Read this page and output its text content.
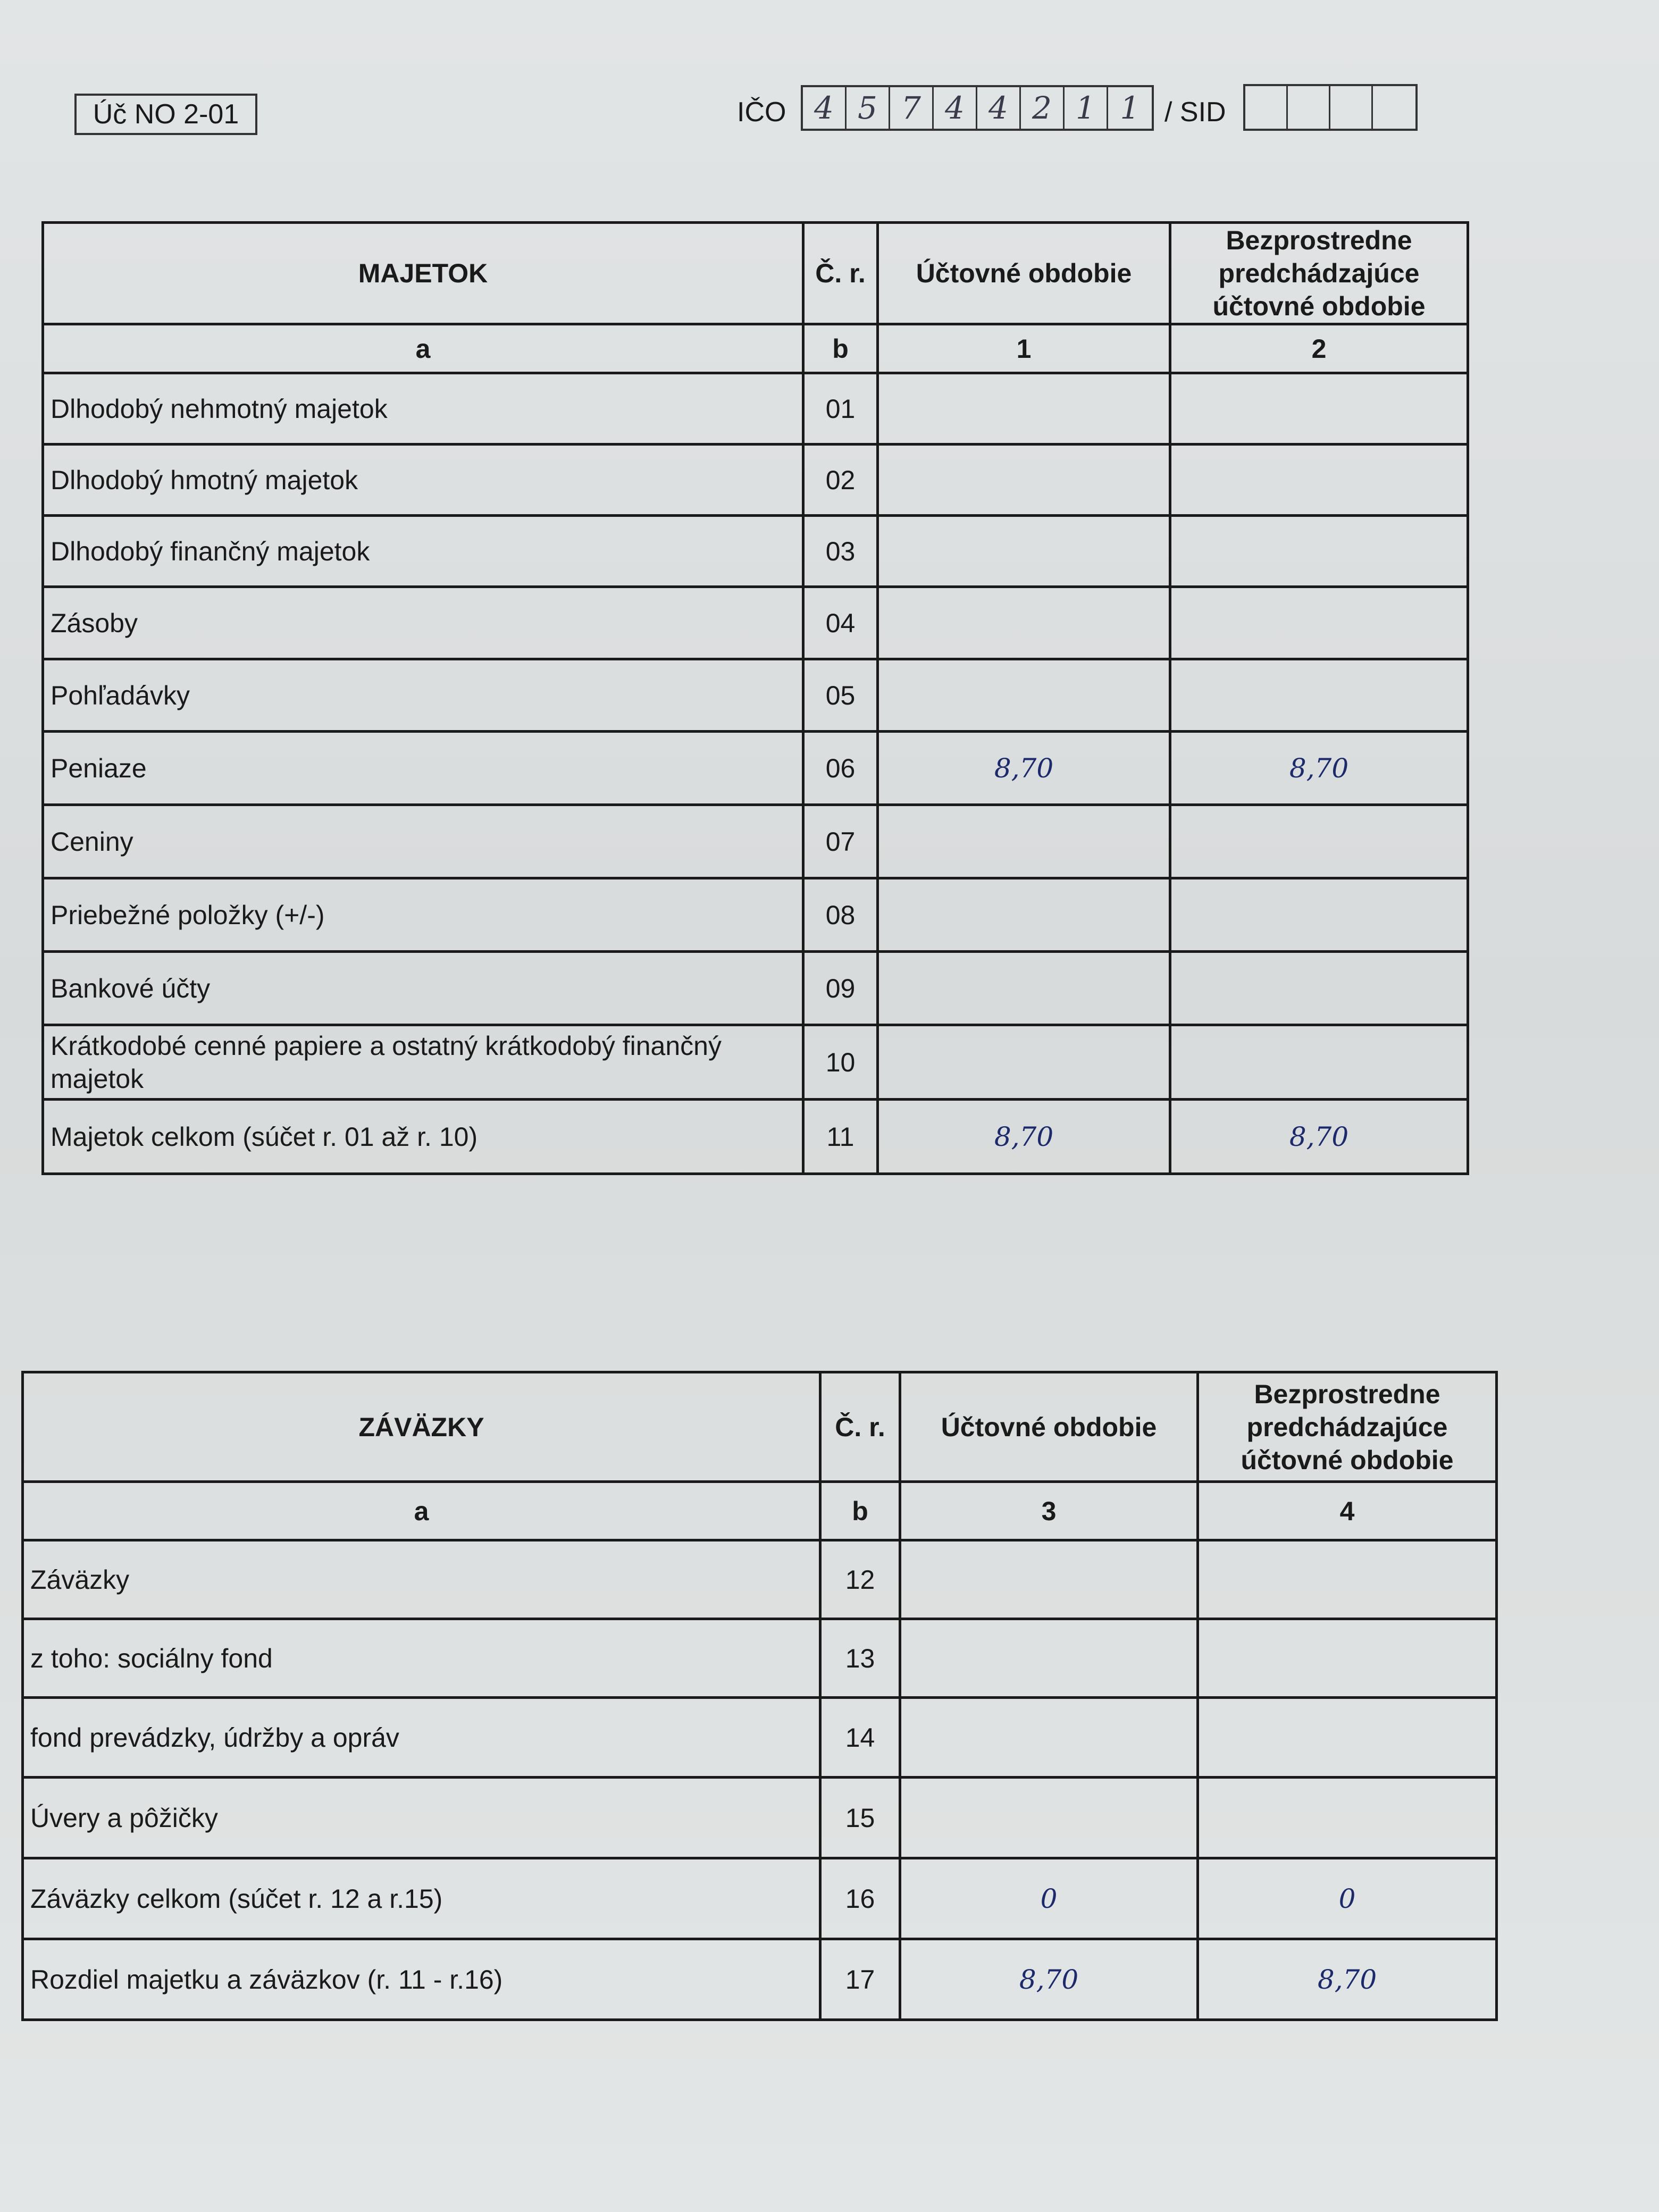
Úč NO 2-01	IČO 4 5 7 4 4 2 1 1 / SID
MAJETOK	Č. r.	Účtovné obdobie	Bezprostredne predchádzajúce účtovné obdobie
a	b	1	2
Dlhodobý nehmotný majetok	01		
Dlhodobý hmotný majetok	02		
Dlhodobý finančný majetok	03		
Zásoby	04		
Pohľadávky	05		
Peniaze	06	8,70	8,70
Ceniny	07		
Priebežné položky (+/-)	08		
Bankové účty	09		
Krátkodobé cenné papiere a ostatný krátkodobý finančný majetok	10		
Majetok celkom (súčet r. 01 až r. 10)	11	8,70	8,70
ZÁVÄZKY	Č. r.	Účtovné obdobie	Bezprostredne predchádzajúce účtovné obdobie
a	b	3	4
Záväzky	12		
z toho: sociálny fond	13		
fond prevádzky, údržby a opráv	14		
Úvery a pôžičky	15		
Záväzky celkom (súčet r. 12 a r.15)	16	0	0
Rozdiel majetku a záväzkov (r. 11 - r.16)	17	8,70	8,70
